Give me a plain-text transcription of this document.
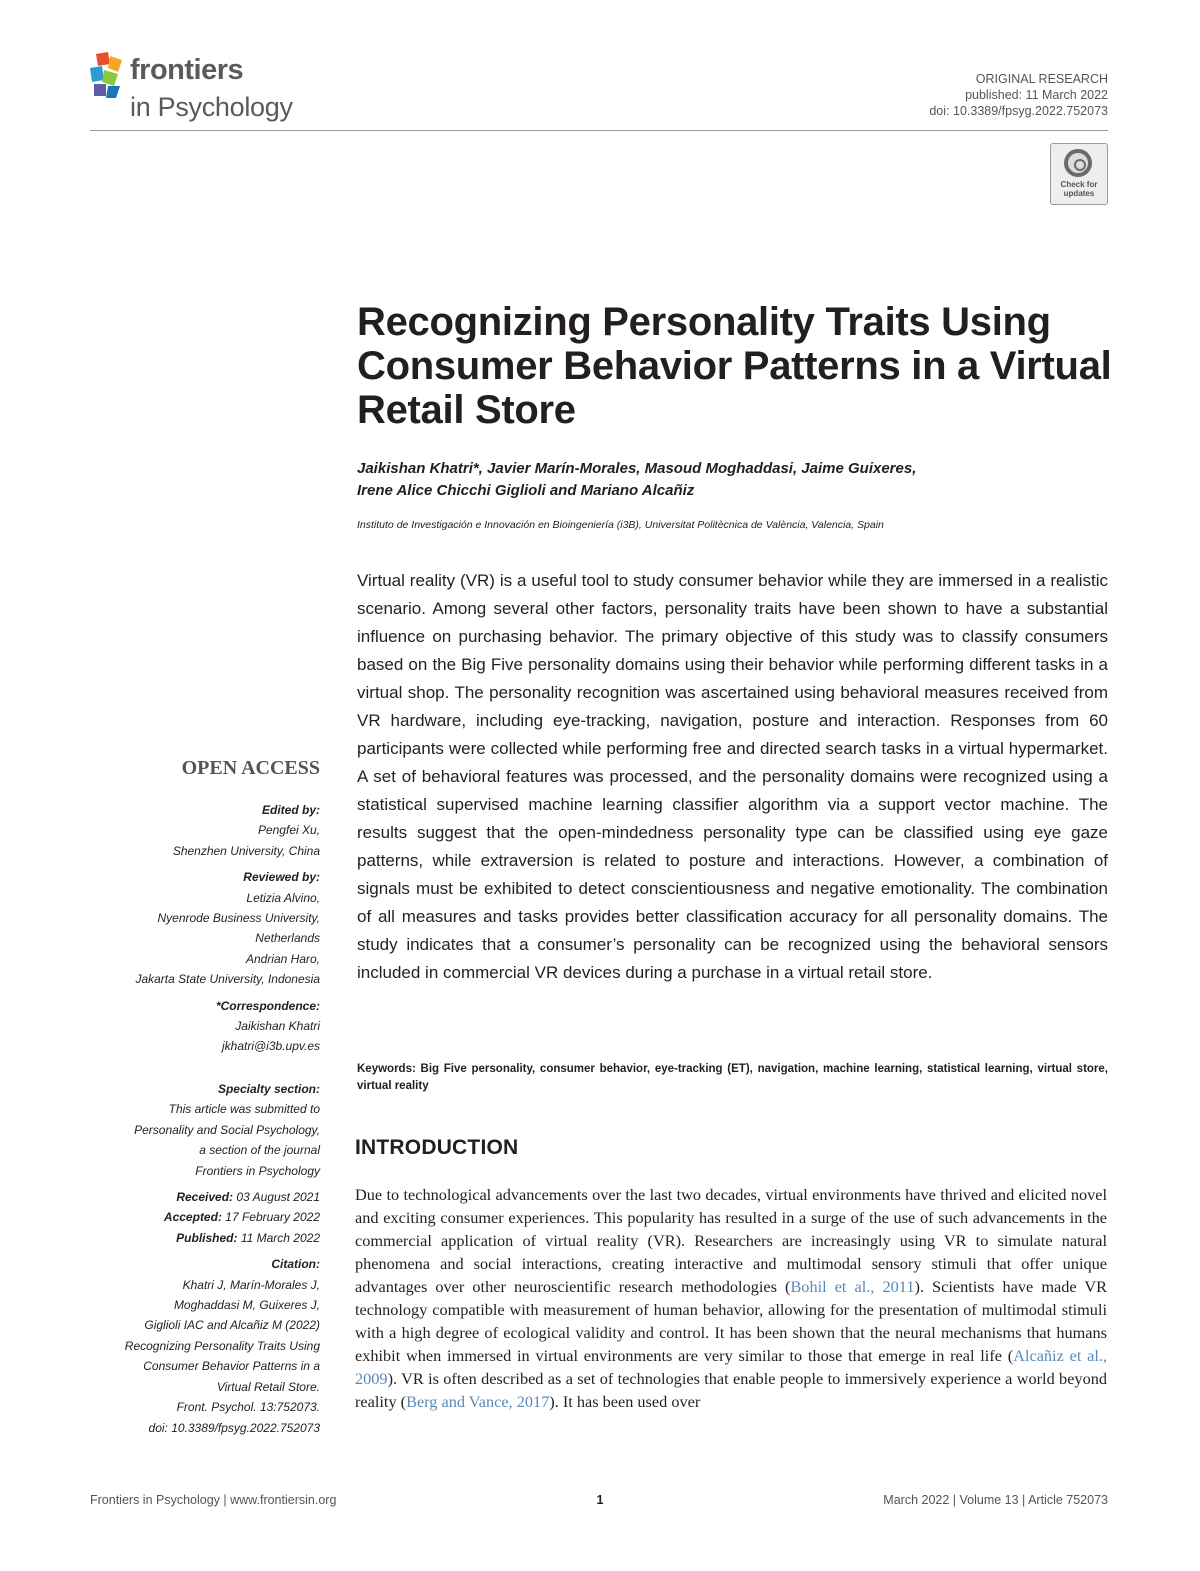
frontiers
in Psychology
ORIGINAL RESEARCH
published: 11 March 2022
doi: 10.3389/fpsyg.2022.752073
Check for updates
Recognizing Personality Traits Using Consumer Behavior Patterns in a Virtual Retail Store
Jaikishan Khatri*, Javier Marín-Morales, Masoud Moghaddasi, Jaime Guixeres,
Irene Alice Chicchi Giglioli and Mariano Alcañiz
Instituto de Investigación e Innovación en Bioingeniería (i3B), Universitat Politècnica de València, Valencia, Spain
Virtual reality (VR) is a useful tool to study consumer behavior while they are immersed in a realistic scenario. Among several other factors, personality traits have been shown to have a substantial influence on purchasing behavior. The primary objective of this study was to classify consumers based on the Big Five personality domains using their behavior while performing different tasks in a virtual shop. The personality recognition was ascertained using behavioral measures received from VR hardware, including eye-tracking, navigation, posture and interaction. Responses from 60 participants were collected while performing free and directed search tasks in a virtual hypermarket. A set of behavioral features was processed, and the personality domains were recognized using a statistical supervised machine learning classifier algorithm via a support vector machine. The results suggest that the open-mindedness personality type can be classified using eye gaze patterns, while extraversion is related to posture and interactions. However, a combination of signals must be exhibited to detect conscientiousness and negative emotionality. The combination of all measures and tasks provides better classification accuracy for all personality domains. The study indicates that a consumer’s personality can be recognized using the behavioral sensors included in commercial VR devices during a purchase in a virtual retail store.
Keywords: Big Five personality, consumer behavior, eye-tracking (ET), navigation, machine learning, statistical learning, virtual store, virtual reality
INTRODUCTION
Due to technological advancements over the last two decades, virtual environments have thrived and elicited novel and exciting consumer experiences. This popularity has resulted in a surge of the use of such advancements in the commercial application of virtual reality (VR). Researchers are increasingly using VR to simulate natural phenomena and social interactions, creating interactive and multimodal sensory stimuli that offer unique advantages over other neuroscientific research methodologies (Bohil et al., 2011). Scientists have made VR technology compatible with measurement of human behavior, allowing for the presentation of multimodal stimuli with a high degree of ecological validity and control. It has been shown that the neural mechanisms that humans exhibit when immersed in virtual environments are very similar to those that emerge in real life (Alcañiz et al., 2009). VR is often described as a set of technologies that enable people to immersively experience a world beyond reality (Berg and Vance, 2017). It has been used over
OPEN ACCESS
Edited by:
Pengfei Xu,
Shenzhen University, China
Reviewed by:
Letizia Alvino,
Nyenrode Business University,
Netherlands
Andrian Haro,
Jakarta State University, Indonesia
*Correspondence:
Jaikishan Khatri
jkhatri@i3b.upv.es
Specialty section:
This article was submitted to
Personality and Social Psychology,
a section of the journal
Frontiers in Psychology
Received: 03 August 2021
Accepted: 17 February 2022
Published: 11 March 2022
Citation:
Khatri J, Marín-Morales J,
Moghaddasi M, Guixeres J,
Giglioli IAC and Alcañiz M (2022)
Recognizing Personality Traits Using
Consumer Behavior Patterns in a
Virtual Retail Store.
Front. Psychol. 13:752073.
doi: 10.3389/fpsyg.2022.752073
Frontiers in Psychology | www.frontiersin.org	1	March 2022 | Volume 13 | Article 752073
